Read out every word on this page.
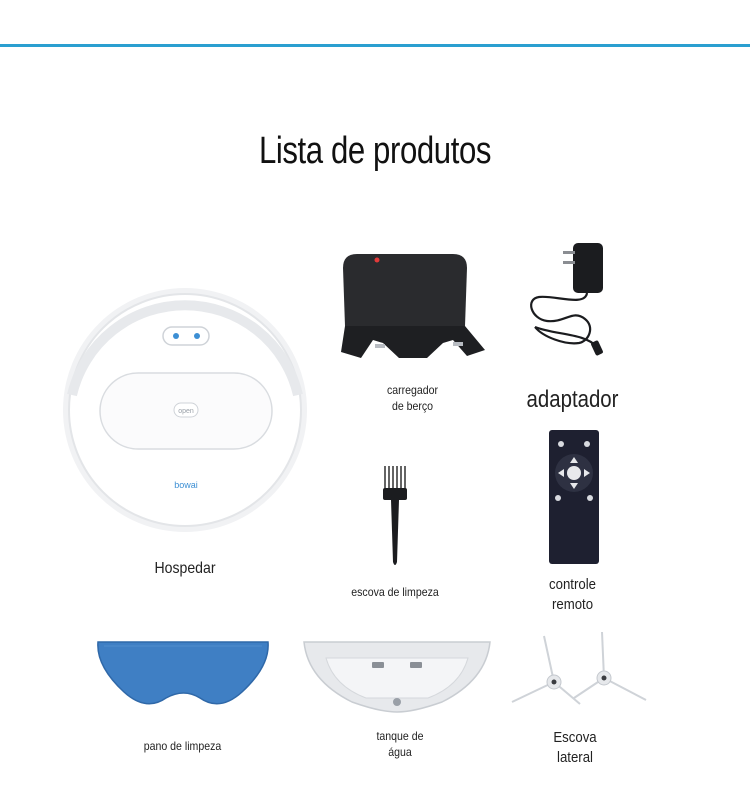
Lista de produtos
open
bowai
Hospedar
carregador
de berço	adaptador
escova de limpeza	controle
remoto
pano de limpeza
tanque de
água
Escova
lateral
